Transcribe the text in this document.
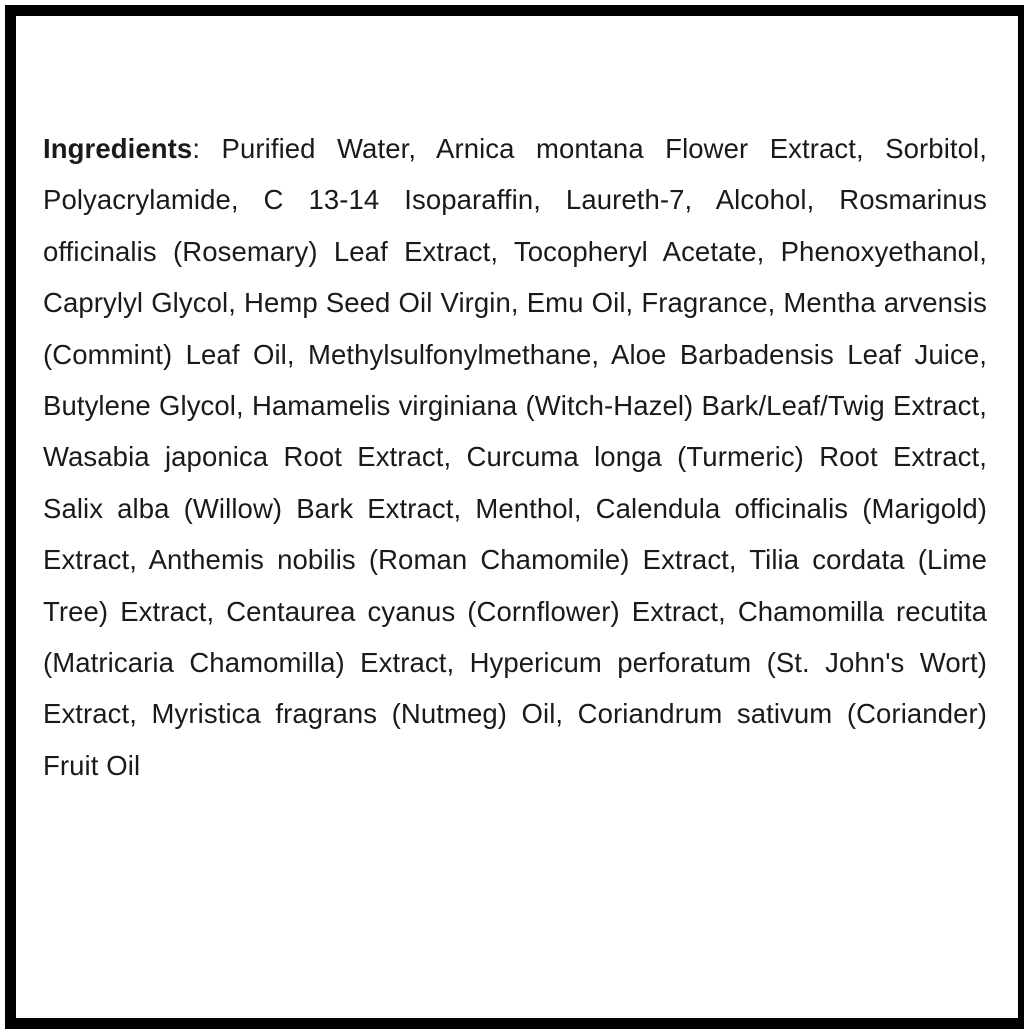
Ingredients: Purified Water, Arnica montana Flower Extract, Sorbitol, Polyacrylamide, C 13-14 Isoparaffin, Laureth-7, Alcohol, Rosmarinus officinalis (Rosemary) Leaf Extract, Tocopheryl Acetate, Phenoxyethanol, Caprylyl Glycol, Hemp Seed Oil Virgin, Emu Oil, Fragrance, Mentha arvensis (Commint) Leaf Oil, Methylsulfonylmethane, Aloe Barbadensis Leaf Juice, Butylene Glycol, Hamamelis virginiana (Witch-Hazel) Bark/Leaf/Twig Extract, Wasabia japonica Root Extract, Curcuma longa (Turmeric) Root Extract, Salix alba (Willow) Bark Extract, Menthol, Calendula officinalis (Marigold) Extract, Anthemis nobilis (Roman Chamomile) Extract, Tilia cordata (Lime Tree) Extract, Centaurea cyanus (Cornflower) Extract, Chamomilla recutita (Matricaria Chamomilla) Extract, Hypericum perforatum (St. John's Wort) Extract, Myristica fragrans (Nutmeg) Oil, Coriandrum sativum (Coriander) Fruit Oil
